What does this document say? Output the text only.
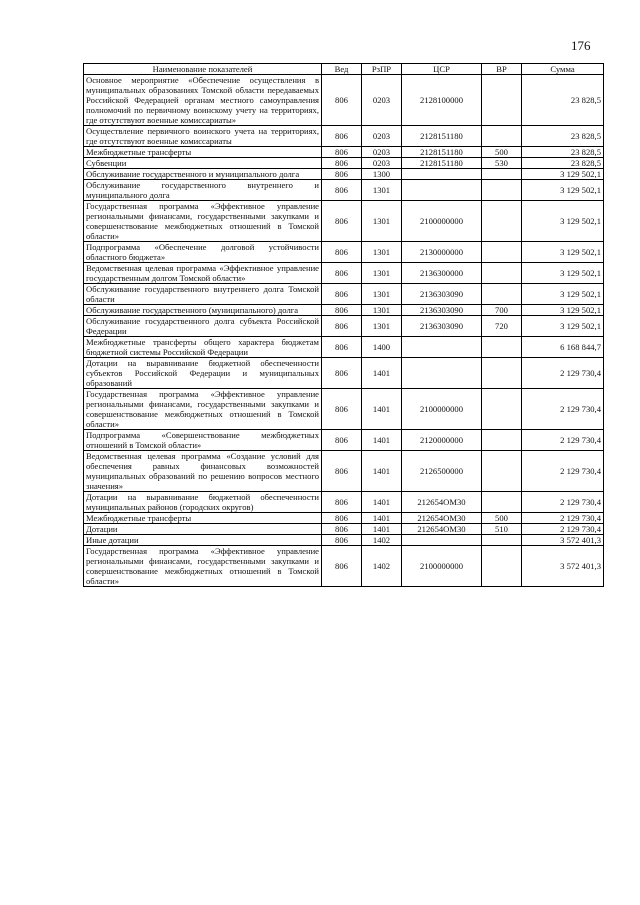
176
Наименование показателей	Вед	РзПР	ЦСР	ВР	Сумма
Основное мероприятие «Обеспечение осуществления в муниципальных образованиях Томской области передаваемых Российской Федерацией органам местного самоуправления полномочий по первичному воинскому учету на территориях, где отсутствуют военные комиссариаты»	806	0203	2128100000		23 828,5
Осуществление первичного воинского учета на территориях, где отсутствуют военные комиссариаты	806	0203	2128151180		23 828,5
Межбюджетные трансферты	806	0203	2128151180	500	23 828,5
Субвенции	806	0203	2128151180	530	23 828,5
Обслуживание государственного и муниципального долга	806	1300			3 129 502,1
Обслуживание государственного внутреннего и муниципального долга	806	1301			3 129 502,1
Государственная программа «Эффективное управление региональными финансами, государственными закупками и совершенствование межбюджетных отношений в Томской области»	806	1301	2100000000		3 129 502,1
Подпрограмма «Обеспечение долговой устойчивости областного бюджета»	806	1301	2130000000		3 129 502,1
Ведомственная целевая программа «Эффективное управление государственным долгом Томской области»	806	1301	2136300000		3 129 502,1
Обслуживание государственного внутреннего долга Томской области	806	1301	2136303090		3 129 502,1
Обслуживание государственного (муниципального) долга	806	1301	2136303090	700	3 129 502,1
Обслуживание государственного долга субъекта Российской Федерации	806	1301	2136303090	720	3 129 502,1
Межбюджетные трансферты общего характера бюджетам бюджетной системы Российской Федерации	806	1400			6 168 844,7
Дотации на выравнивание бюджетной обеспеченности субъектов Российской Федерации и муниципальных образований	806	1401			2 129 730,4
Государственная программа «Эффективное управление региональными финансами, государственными закупками и совершенствование межбюджетных отношений в Томской области»	806	1401	2100000000		2 129 730,4
Подпрограмма «Совершенствование межбюджетных отношений в Томской области»	806	1401	2120000000		2 129 730,4
Ведомственная целевая программа «Создание условий для обеспечения равных финансовых возможностей муниципальных образований по решению вопросов местного значения»	806	1401	2126500000		2 129 730,4
Дотации на выравнивание бюджетной обеспеченности муниципальных районов (городских округов)	806	1401	212654ОМ30		2 129 730,4
Межбюджетные трансферты	806	1401	212654ОМ30	500	2 129 730,4
Дотации	806	1401	212654ОМ30	510	2 129 730,4
Иные дотации	806	1402			3 572 401,3
Государственная программа «Эффективное управление региональными финансами, государственными закупками и совершенствование межбюджетных отношений в Томской области»	806	1402	2100000000		3 572 401,3
